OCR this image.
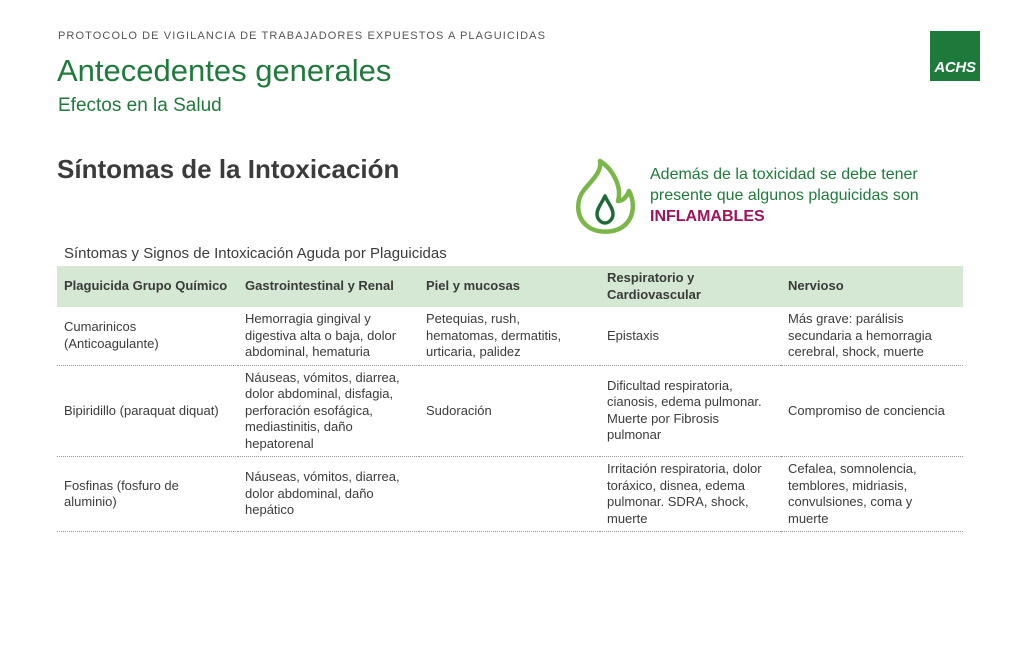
PROTOCOLO DE VIGILANCIA DE TRABAJADORES EXPUESTOS A PLAGUICIDAS
ACHS
Antecedentes generales
Efectos en la Salud
Síntomas de la Intoxicación	Además de la toxicidad se debe tener presente que algunos plaguicidas son INFLAMABLES
Síntomas y Signos de Intoxicación Aguda por Plaguicidas
Plaguicida Grupo Químico	Gastrointestinal y Renal	Piel y mucosas	Respiratorio y Cardiovascular	Nervioso
Cumarinicos (Anticoagulante)	Hemorragia gingival y digestiva alta o baja, dolor abdominal, hematuria	Petequias, rush, hematomas, dermatitis, urticaria, palidez	Epistaxis	Más grave: parálisis secundaria a hemorragia cerebral, shock, muerte
Bipiridillo (paraquat diquat)	Náuseas, vómitos, diarrea, dolor abdominal, disfagia, perforación esofágica, mediastinitis, daño hepatorenal	Sudoración	Dificultad respiratoria, cianosis, edema pulmonar. Muerte por Fibrosis pulmonar	Compromiso de conciencia
Fosfinas (fosfuro de aluminio)	Náuseas, vómitos, diarrea, dolor abdominal, daño hepático		Irritación respiratoria, dolor toráxico, disnea, edema pulmonar. SDRA, shock, muerte	Cefalea, somnolencia, temblores, midriasis, convulsiones, coma y muerte
